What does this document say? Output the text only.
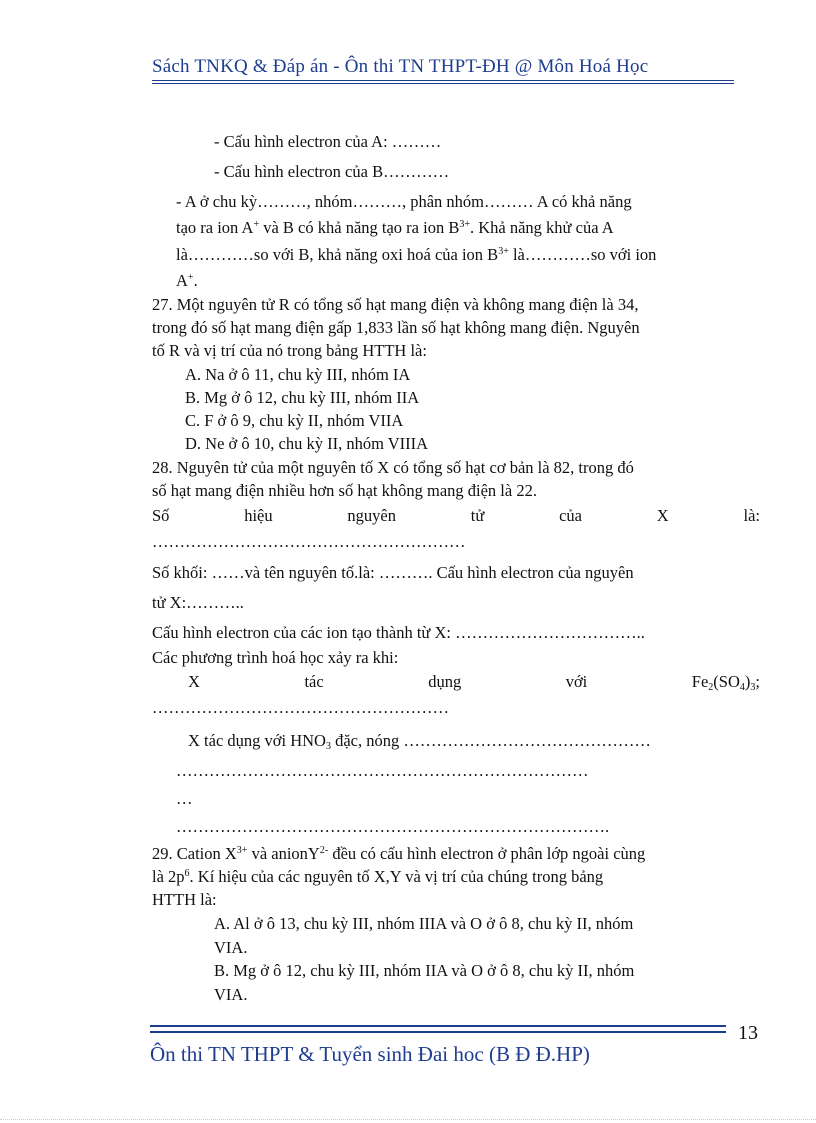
Sách TNKQ & Đáp án - Ôn thi TN THPT-ĐH @ Môn Hoá Học
- Cấu hình electron của A: ………
- Cấu hình electron của B…………
- A ở chu kỳ………, nhóm………, phân nhóm……… A có khả năng
tạo ra ion A+ và B có khả năng tạo ra ion $B^{3+}$. Khả năng khử của A
là…………so với B, khả năng oxi hoá của ion $B^{3+}$ là…………so với ion
A+.
27. Một nguyên tử R có tổng số hạt mang điện và không mang điện là 34,
trong đó số hạt mang điện gấp 1,833 lần số hạt không mang điện. Nguyên
tố R và vị trí của nó trong bảng HTTH là:
A. Na ở ô 11, chu kỳ III, nhóm IA
B. Mg ở ô 12, chu kỳ III, nhóm IIA
C. F ở ô 9, chu kỳ II, nhóm VIIA
D. Ne ở ô 10, chu kỳ II, nhóm VIIIA
28. Nguyên tử của một nguyên tố X có tổng số hạt cơ bản là 82, trong đó
số hạt mang điện nhiều hơn số hạt không mang điện là 22.
Số	hiệu	nguyên	tử	của	X	là:
…………………………………………………
Số khối: ……và tên nguyên tố.là: ………. Cấu hình electron của nguyên
tử X:………..
Cấu hình electron của các ion tạo thành từ X: ……………………………..
Các phương trình hoá học xảy ra khi:
X	tác	dụng	với	$Fe_2(SO_4)_3$;
………………………………………………
X tác dụng với $HNO_3$ đặc, nóng ………………………………………
…………………………………………………………………
…
…………………………………………………………………….
29. Cation $X^{3+}$ và anionY$^{2-}$ đều có cấu hình electron ở phân lớp ngoài cùng
là $2p^6$. Kí hiệu của các nguyên tố X,Y và vị trí của chúng trong bảng
HTTH là:
A. Al ở ô 13, chu kỳ III, nhóm IIIA và O ở ô 8, chu kỳ II, nhóm
VIA.
B. Mg ở ô 12, chu kỳ III, nhóm IIA và O ở ô 8, chu kỳ II, nhóm
VIA.
13
Ôn thi TN THPT & Tuyển sinh Đai hoc (B Đ Đ.HP)
